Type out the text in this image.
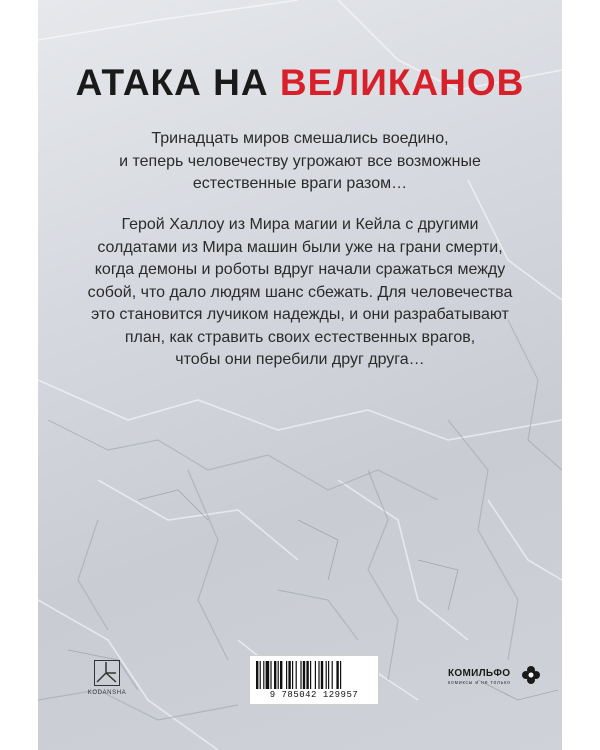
АТАКА НА ВЕЛИКАНОВ
Тринадцать миров смешались воедино,
и теперь человечеству угрожают все возможные
естественные враги разом…
Герой Халлоу из Мира магии и Кейла с другими
солдатами из Мира машин были уже на грани смерти,
когда демоны и роботы вдруг начали сражаться между
собой, что дало людям шанс сбежать. Для человечества
это становится лучиком надежды, и они разрабатывают
план, как стравить своих естественных врагов,
чтобы они перебили друг друга…
KODANSHA	9 785042 129957
КОМИЛЬФО
комиксы и не только
